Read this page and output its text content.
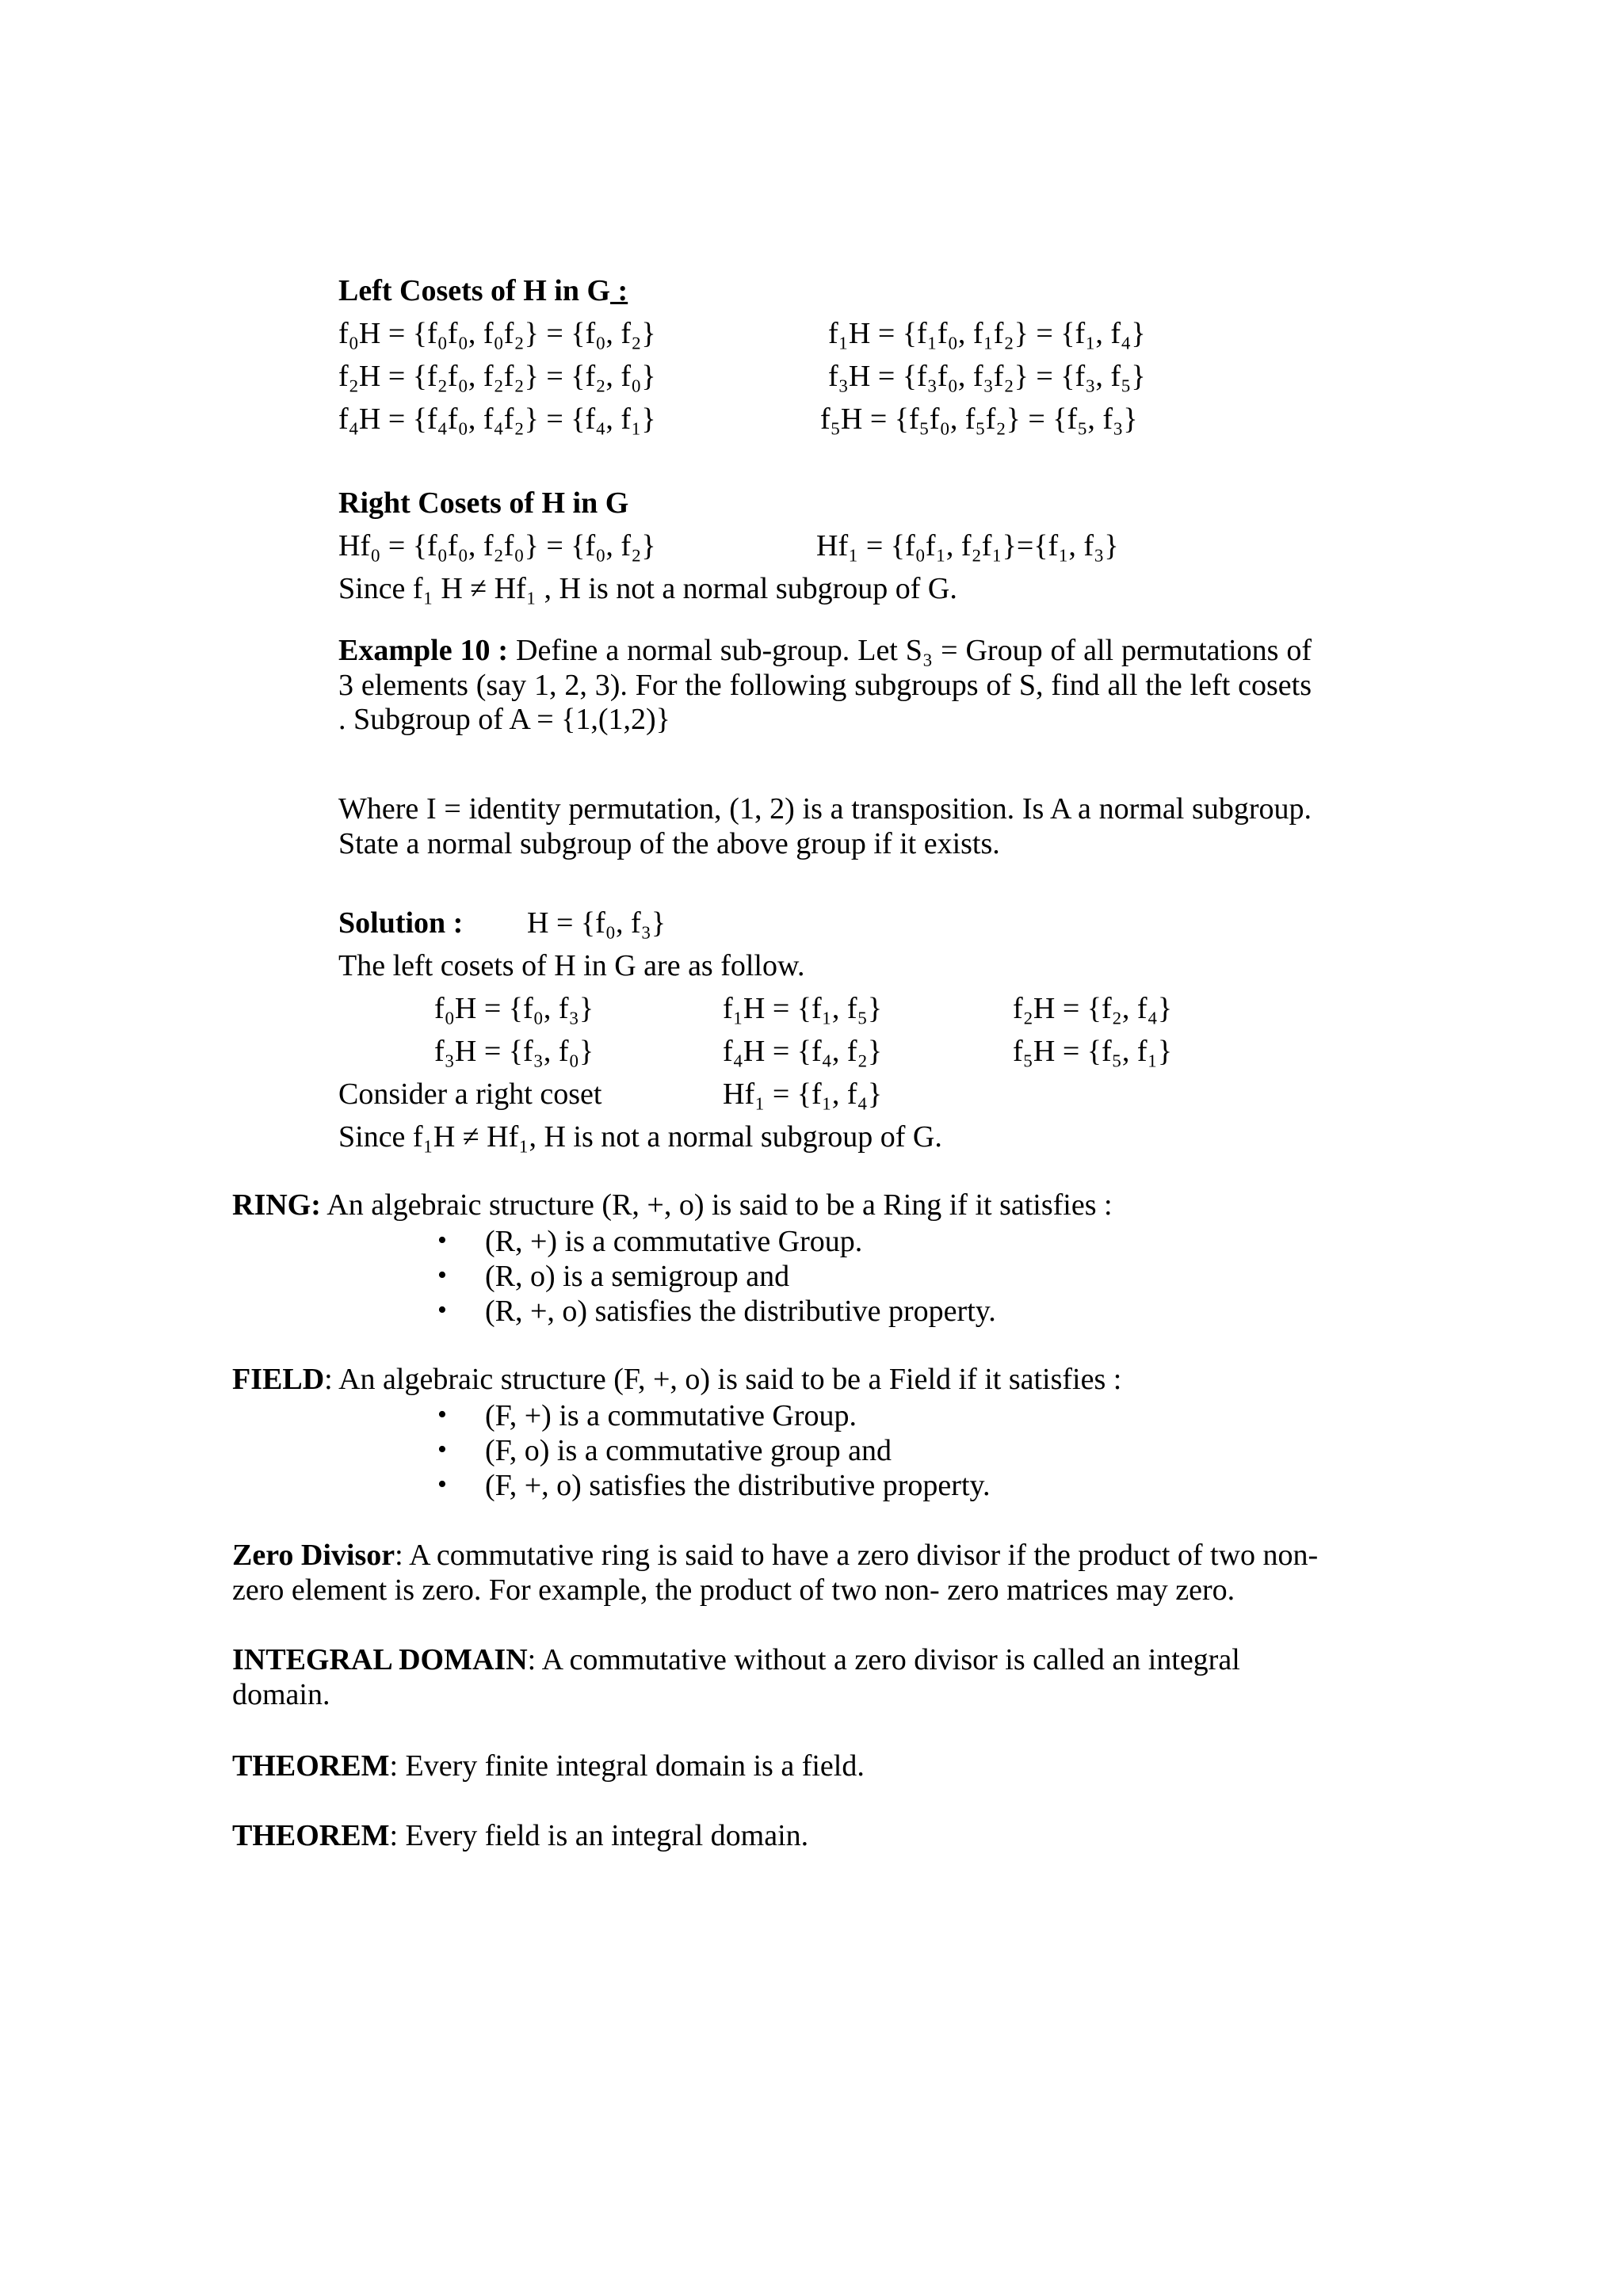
Left Cosets of H in G :
f₀H = {f₀f₀, f₀f₂} = {f₀, f₂}	f₁H = {f₁f₀, f₁f₂} = {f₁, f₄}
f₂H = {f₂f₀, f₂f₂} = {f₂, f₀}	f₃H = {f₃f₀, f₃f₂} = {f₃, f₅}
f₄H = {f₄f₀, f₄f₂} = {f₄, f₁}	f₅H = {f₅f₀, f₅f₂} = {f₅, f₃}
Right Cosets of H in G
Hf₀ = {f₀f₀, f₂f₀} = {f₀, f₂}	Hf₁ = {f₀f₁, f₂f₁}={f₁, f₃}
Since f₁ H ≠ Hf₁ , H is not a normal subgroup of G.
Example 10 : Define a normal sub-group. Let S₃ = Group of all permutations of 3 elements (say 1, 2, 3). For the following subgroups of S, find all the left cosets . Subgroup of A = {1,(1,2)}
Where I = identity permutation, (1, 2) is a transposition. Is A a normal subgroup. State a normal subgroup of the above group if it exists.
Solution : H = {f₀, f₃}
The left cosets of H in G are as follow.
f₀H = {f₀, f₃}	f₁H = {f₁, f₅}	f₂H = {f₂, f₄}
f₃H = {f₃, f₀}	f₄H = {f₄, f₂}	f₅H = {f₅, f₁}
Consider a right coset	Hf₁ = {f₁, f₄}
Since f₁H ≠ Hf₁, H is not a normal subgroup of G.
RING: An algebraic structure (R, +, o) is said to be a Ring if it satisfies :
• (R, +) is a commutative Group.
• (R, o) is a semigroup and
• (R, +, o) satisfies the distributive property.
FIELD: An algebraic structure (F, +, o) is said to be a Field if it satisfies :
• (F, +) is a commutative Group.
• (F, o) is a commutative group and
• (F, +, o) satisfies the distributive property.
Zero Divisor: A commutative ring is said to have a zero divisor if the product of two non-
zero element is zero. For example, the product of two non- zero matrices may zero.
INTEGRAL DOMAIN: A commutative without a zero divisor is called an integral
domain.
THEOREM: Every finite integral domain is a field.
THEOREM: Every field is an integral domain.
